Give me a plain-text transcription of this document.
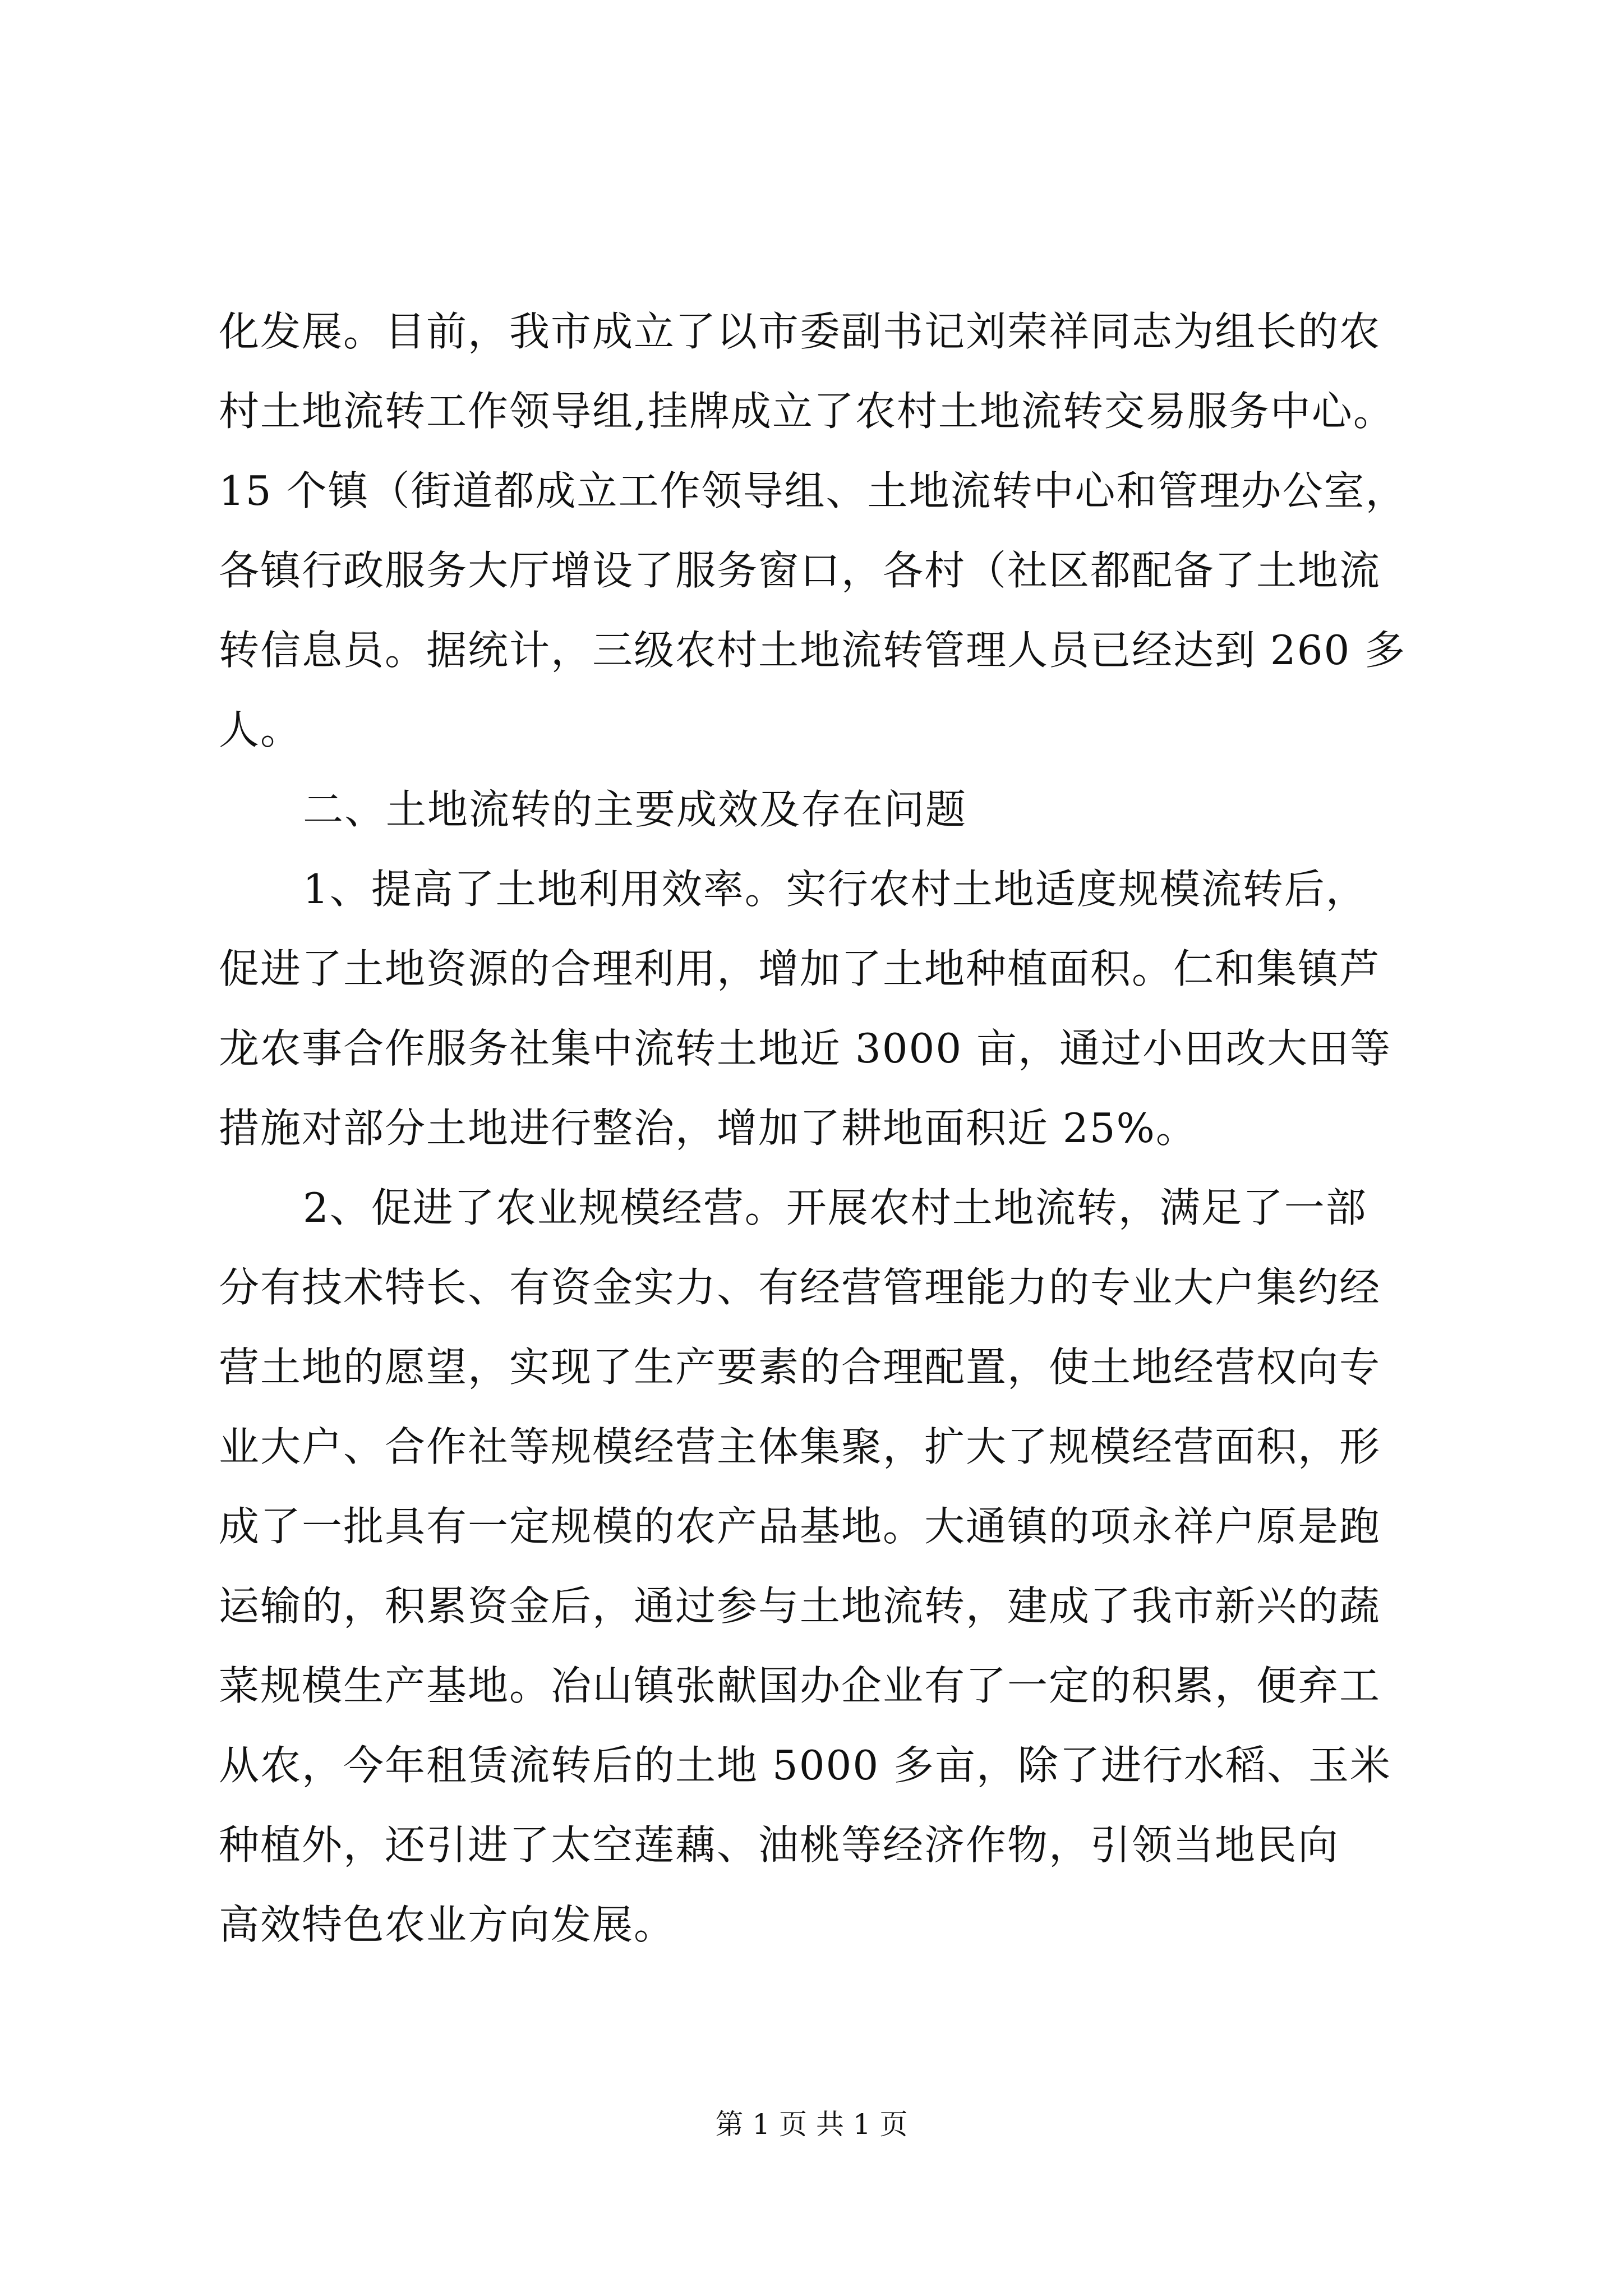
化发展。目前，我市成立了以市委副书记刘荣祥同志为组长的农
村土地流转工作领导组,挂牌成立了农村土地流转交易服务中心。
15 个镇（街道都成立工作领导组、土地流转中心和管理办公室，
各镇行政服务大厅增设了服务窗口，各村（社区都配备了土地流
转信息员。据统计，三级农村土地流转管理人员已经达到 260 多
人。
二、土地流转的主要成效及存在问题
1、提高了土地利用效率。实行农村土地适度规模流转后，
促进了土地资源的合理利用，增加了土地种植面积。仁和集镇芦
龙农事合作服务社集中流转土地近 3000 亩，通过小田改大田等
措施对部分土地进行整治，增加了耕地面积近 25%。
2、促进了农业规模经营。开展农村土地流转，满足了一部
分有技术特长、有资金实力、有经营管理能力的专业大户集约经
营土地的愿望，实现了生产要素的合理配置，使土地经营权向专
业大户、合作社等规模经营主体集聚，扩大了规模经营面积，形
成了一批具有一定规模的农产品基地。大通镇的项永祥户原是跑
运输的，积累资金后，通过参与土地流转，建成了我市新兴的蔬
菜规模生产基地。冶山镇张献国办企业有了一定的积累，便弃工
从农，今年租赁流转后的土地 5000 多亩，除了进行水稻、玉米
种植外，还引进了太空莲藕、油桃等经济作物，引领当地民向
高效特色农业方向发展。
第 1 页 共 1 页
